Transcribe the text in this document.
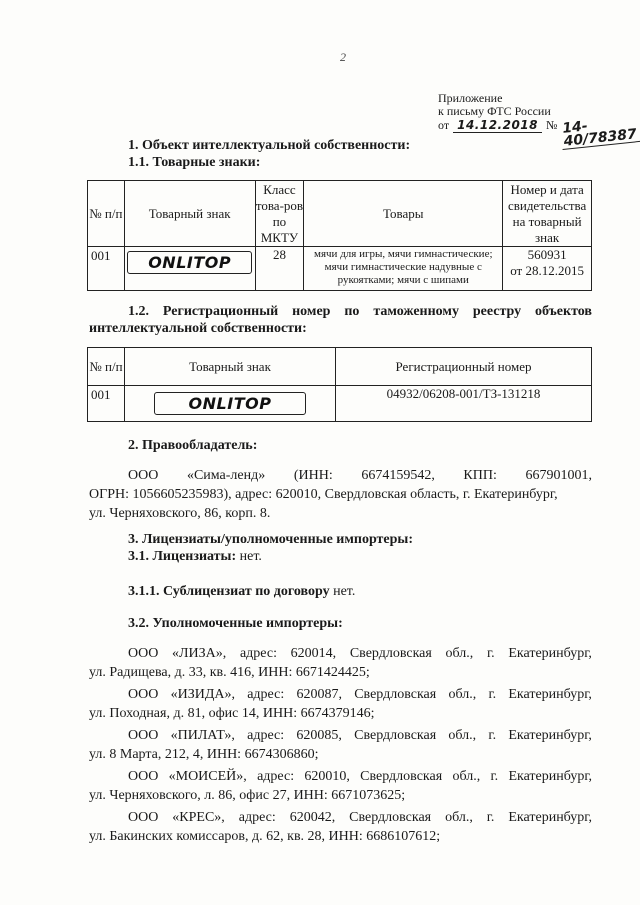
2
Приложение
к письму ФТС России
от 14.12.2018 № 14-40/78387
1. Объект интеллектуальной собственности:
1.1. Товарные знаки:
№ п/п	Товарный знак	Класс това-ров по МКТУ	Товары	Номер и дата свидетельства на товарный знак
001	ONLITOP	28	мячи для игры, мячи гимнастические; мячи гимнастические надувные с рукоятками; мячи с шипами	560931
от 28.12.2015
1.2. Регистрационный номер по таможенному реестру объектов
интеллектуальной собственности:
№ п/п	Товарный знак	Регистрационный номер
001	ONLITOP	04932/06208-001/ТЗ-131218
2. Правообладатель:
ООО «Сима-ленд» (ИНН: 6674159542, КПП: 667901001,
ОГРН: 1056605235983), адрес: 620010, Свердловская область, г. Екатеринбург,
ул. Черняховского, 86, корп. 8.
3. Лицензиаты/уполномоченные импортеры:
3.1. Лицензиаты: нет.
3.1.1. Сублицензиат по договору нет.
3.2. Уполномоченные импортеры:
ООО «ЛИЗА», адрес: 620014, Свердловская обл., г. Екатеринбург,
ул. Радищева, д. 33, кв. 416, ИНН: 6671424425;
ООО «ИЗИДА», адрес: 620087, Свердловская обл., г. Екатеринбург,
ул. Походная, д. 81, офис 14, ИНН: 6674379146;
ООО «ПИЛАТ», адрес: 620085, Свердловская обл., г. Екатеринбург,
ул. 8 Марта, 212, 4, ИНН: 6674306860;
ООО «МОИСЕЙ», адрес: 620010, Свердловская обл., г. Екатеринбург,
ул. Черняховского, л. 86, офис 27, ИНН: 6671073625;
ООО «КРЕС», адрес: 620042, Свердловская обл., г. Екатеринбург,
ул. Бакинских комиссаров, д. 62, кв. 28, ИНН: 6686107612;
